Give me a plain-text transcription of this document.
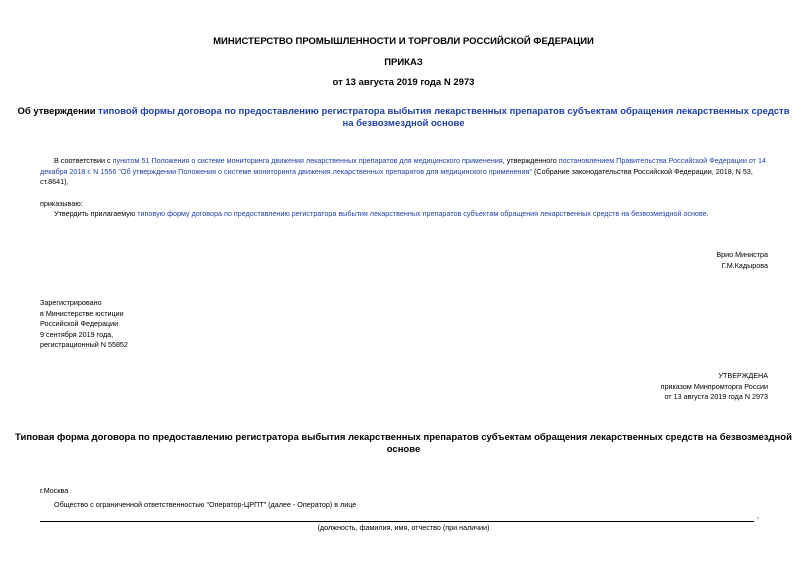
МИНИСТЕРСТВО ПРОМЫШЛЕННОСТИ И ТОРГОВЛИ РОССИЙСКОЙ ФЕДЕРАЦИИ
ПРИКАЗ
от 13 августа 2019 года N 2973
Об утверждении типовой формы договора по предоставлению регистратора выбытия лекарственных препаратов субъектам обращения лекарственных средств
на безвозмездной основе
В соответствии с пунктом 51 Положения о системе мониторинга движения лекарственных препаратов для медицинского применения, утвержденного постановлением Правительства Российской Федерации от 14
декабря 2018 г. N 1556 "Об утверждении Положения о системе мониторинга движения лекарственных препаратов для медицинского применения" (Собрание законодательства Российской Федерации, 2018, N 53,
ст.8641),
приказываю:
Утвердить прилагаемую типовую форму договора по предоставлению регистратора выбытия лекарственных препаратов субъектам обращения лекарственных средств на безвозмездной основе.
Врио Министра
Г.М.Кадырова
Зарегистрировано
в Министерстве юстиции
Российской Федерации
9 сентября 2019 года,
регистрационный N 55852
УТВЕРЖДЕНА
приказом Минпромторга России
от 13 августа 2019 года N 2973
Типовая форма договора по предоставлению регистратора выбытия лекарственных препаратов субъектам обращения лекарственных средств на безвозмездной
основе
г.Москва
Общество с ограниченной ответственностью "Оператор-ЦРПТ" (далее - Оператор) в лице
,
(должность, фамилия, имя, отчество (при наличии)
